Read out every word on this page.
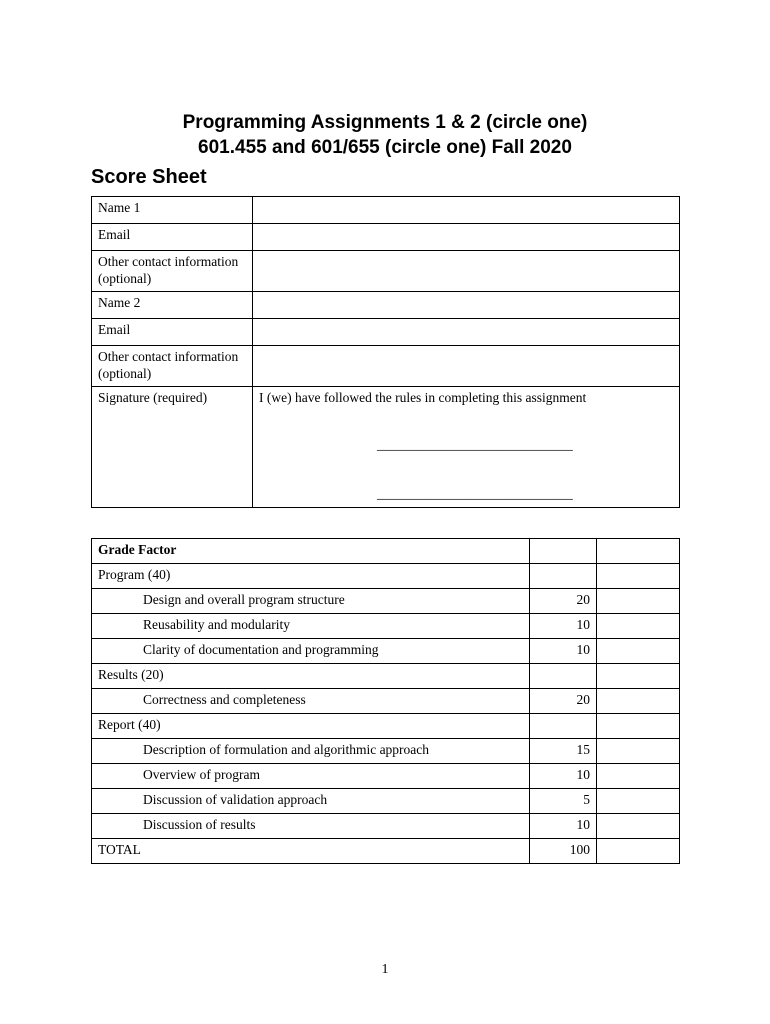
Programming Assignments 1 & 2 (circle one)
601.455 and 601/655 (circle one) Fall 2020
Score Sheet
Name 1	
Email	
Other contact information (optional)	
Name 2	
Email	
Other contact information (optional)	
Signature (required)	I (we) have followed the rules in completing this assignment
_____________________________
_____________________________
Grade Factor		
Program (40)		
Design and overall program structure	20	
Reusability and modularity	10	
Clarity of documentation and programming	10	
Results (20)		
Correctness and completeness	20	
Report (40)		
Description of formulation and algorithmic approach	15	
Overview of program	10	
Discussion of validation approach	5	
Discussion of results	10	
TOTAL	100	
1
